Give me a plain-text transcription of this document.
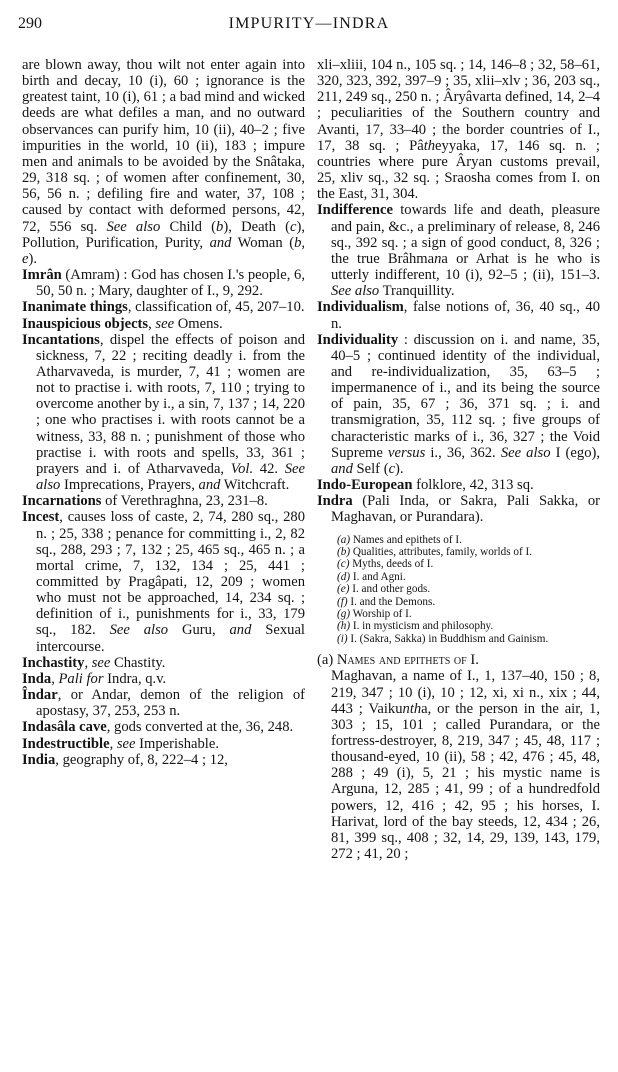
290	IMPURITY—INDRA

are blown away, thou wilt not enter again into birth and decay, 10 (i), 60 ; ignorance is the greatest taint, 10 (i), 61 ; a bad mind and wicked deeds are what defiles a man, and no outward observances can purify him, 10 (ii), 40–2 ; five impurities in the world, 10 (ii), 183 ; impure men and animals to be avoided by the Snâtaka, 29, 318 sq. ; of women after confinement, 30, 56, 56 n. ; defiling fire and water, 37, 108 ; caused by contact with deformed persons, 42, 72, 556 sq. See also Child (b), Death (c), Pollution, Purification, Purity, and Woman (b, e).

Imrân (Amram) : God has chosen I.'s people, 6, 50, 50 n. ; Mary, daughter of I., 9, 292.

Inanimate things, classification of, 45, 207–10.

Inauspicious objects, see Omens.

Incantations, dispel the effects of poison and sickness, 7, 22 ; reciting deadly i. from the Atharvaveda, is murder, 7, 41 ; women are not to practise i. with roots, 7, 110 ; trying to overcome another by i., a sin, 7, 137 ; 14, 220 ; one who practises i. with roots cannot be a witness, 33, 88 n. ; punishment of those who practise i. with roots and spells, 33, 361 ; prayers and i. of Atharvaveda, Vol. 42. See also Imprecations, Prayers, and Witchcraft.

Incarnations of Verethraghna, 23, 231–8.

Incest, causes loss of caste, 2, 74, 280 sq., 280 n. ; 25, 338 ; penance for committing i., 2, 82 sq., 288, 293 ; 7, 132 ; 25, 465 sq., 465 n. ; a mortal crime, 7, 132, 134 ; 25, 441 ; committed by Pragâpati, 12, 209 ; women who must not be approached, 14, 234 sq. ; definition of i., punishments for i., 33, 179 sq., 182. See also Guru, and Sexual intercourse.

Inchastity, see Chastity.

Inda, Pali for Indra, q.v.

Îndar, or Andar, demon of the religion of apostasy, 37, 253, 253 n.

Indasâla cave, gods converted at the, 36, 248.

Indestructible, see Imperishable.

India, geography of, 8, 222–4 ; 12,

xli–xliii, 104 n., 105 sq. ; 14, 146–8 ; 32, 58–61, 320, 323, 392, 397–9 ; 35, xlii–xlv ; 36, 203 sq., 211, 249 sq., 250 n. ; Âryâvarta defined, 14, 2–4 ; peculiarities of the Southern country and Avanti, 17, 33–40 ; the border countries of I., 17, 38 sq. ; Pâtheyyaka, 17, 146 sq. n. ; countries where pure Âryan customs prevail, 25, xliv sq., 32 sq. ; Sraosha comes from I. on the East, 31, 304.

Indifference towards life and death, pleasure and pain, &c., a preliminary of release, 8, 246 sq., 392 sq. ; a sign of good conduct, 8, 326 ; the true Brâhmana or Arhat is he who is utterly indifferent, 10 (i), 92–5 ; (ii), 151–3. See also Tranquillity.

Individualism, false notions of, 36, 40 sq., 40 n.

Individuality : discussion on i. and name, 35, 40–5 ; continued identity of the individual, and re-individualization, 35, 63–5 ; impermanence of i., and its being the source of pain, 35, 67 ; 36, 371 sq. ; i. and transmigration, 35, 112 sq. ; five groups of characteristic marks of i., 36, 327 ; the Void Supreme versus i., 36, 362. See also I (ego), and Self (c).

Indo-European folklore, 42, 313 sq.

Indra (Pali Inda, or Sakra, Pali Sakka, or Maghavan, or Purandara).

(a) Names and epithets of I.
(b) Qualities, attributes, family, worlds of I.
(c) Myths, deeds of I.
(d) I. and Agni.
(e) I. and other gods.
(f) I. and the Demons.
(g) Worship of I.
(h) I. in mysticism and philosophy.
(i) I. (Sakra, Sakka) in Buddhism and Gainism.
(a) Names and epithets of I.
Maghavan, a name of I., 1, 137–40, 150 ; 8, 219, 347 ; 10 (i), 10 ; 12, xi, xi n., xix ; 44, 443 ; Vaikuntha, or the person in the air, 1, 303 ; 15, 101 ; called Purandara, or the fortress-destroyer, 8, 219, 347 ; 45, 48, 117 ; thousand-eyed, 10 (ii), 58 ; 42, 476 ; 45, 48, 288 ; 49 (i), 5, 21 ; his mystic name is Arguna, 12, 285 ; 41, 99 ; of a hundredfold powers, 12, 416 ; 42, 95 ; his horses, I. Harivat, lord of the bay steeds, 12, 434 ; 26, 81, 399 sq., 408 ; 32, 14, 29, 139, 143, 179, 272 ; 41, 20 ;
